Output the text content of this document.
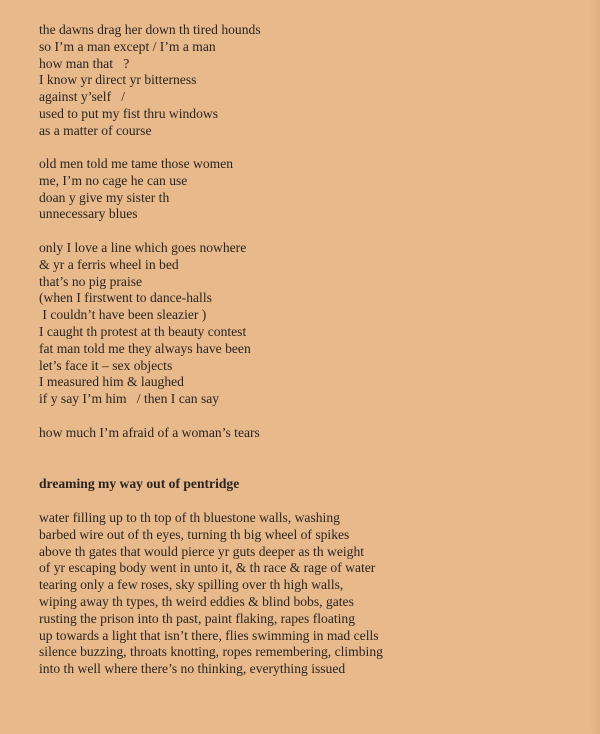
the dawns drag her down th tired hounds
so I’m a man except / I’m a man
how man that   ?
I know yr direct yr bitterness
against y’self   /
used to put my fist thru windows
as a matter of course
old men told me tame those women
me, I’m no cage he can use
doan y give my sister th
unnecessary blues
only I love a line which goes nowhere
& yr a ferris wheel in bed
that’s no pig praise
(when I firstwent to dance-halls
I couldn’t have been sleazier )
I caught th protest at th beauty contest
fat man told me they always have been
let’s face it – sex objects
I measured him & laughed
if y say I’m him   / then I can say
how much I’m afraid of a woman’s tears
dreaming my way out of pentridge
water filling up to th top of th bluestone walls, washing
barbed wire out of th eyes, turning th big wheel of spikes
above th gates that would pierce yr guts deeper as th weight
of yr escaping body went in unto it, & th race & rage of water
tearing only a few roses, sky spilling over th high walls,
wiping away th types, th weird eddies & blind bobs, gates
rusting the prison into th past, paint flaking, rapes floating
up towards a light that isn’t there, flies swimming in mad cells
silence buzzing, throats knotting, ropes remembering, climbing
into th well where there’s no thinking, everything issued
